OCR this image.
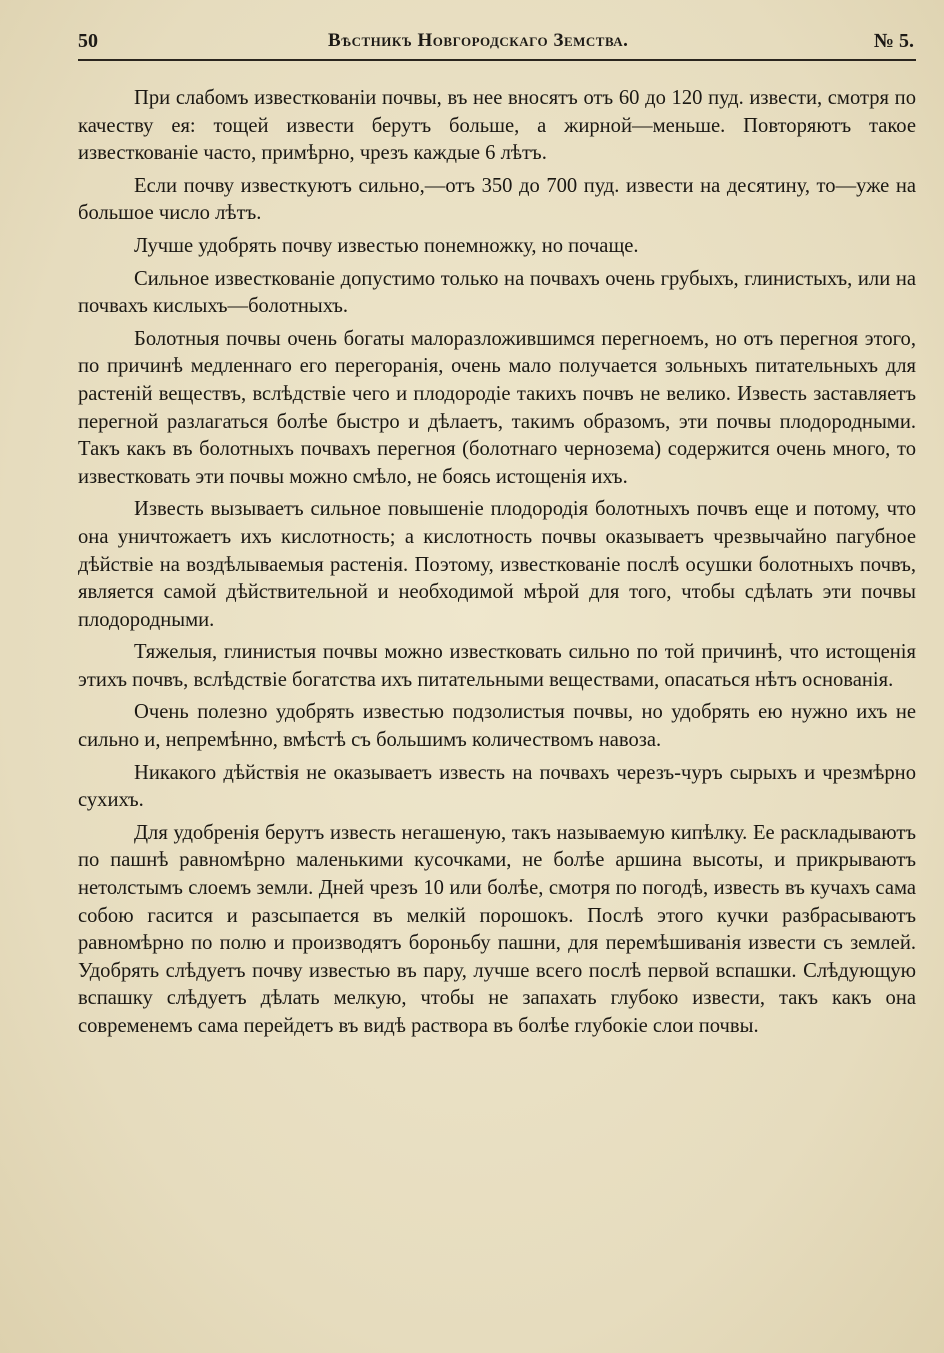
50	Вѣстникъ Новгородскаго Земства.	№ 5.

При слабомъ известкованіи почвы, въ нее вносятъ отъ 60 до 120 пуд. извести, смотря по качеству ея: тощей извести берутъ больше, а жирной—меньше. Повторяютъ такое известкованіе часто, примѣрно, чрезъ каждые 6 лѣтъ.

Если почву известкуютъ сильно,—отъ 350 до 700 пуд. извести на десятину, то—уже на большое число лѣтъ.

Лучше удобрять почву известью понемножку, но почаще.

Сильное известкованіе допустимо только на почвахъ очень грубыхъ, глинистыхъ, или на почвахъ кислыхъ—болотныхъ.

Болотныя почвы очень богаты малоразложившимся перегноемъ, но отъ перегноя этого, по причинѣ медленнаго его перегоранія, очень мало получается зольныхъ питательныхъ для растеній веществъ, вслѣдствіе чего и плодородіе такихъ почвъ не велико. Известь заставляетъ перегной разлагаться болѣе быстро и дѣлаетъ, такимъ образомъ, эти почвы плодородными. Такъ какъ въ болотныхъ почвахъ перегноя (болотнаго чернозема) содержится очень много, то известковать эти почвы можно смѣло, не боясь истощенія ихъ.

Известь вызываетъ сильное повышеніе плодородія болотныхъ почвъ еще и потому, что она уничтожаетъ ихъ кислотность; а кислотность почвы оказываетъ чрезвычайно пагубное дѣйствіе на воздѣлываемыя растенія. Поэтому, известкованіе послѣ осушки болотныхъ почвъ, является самой дѣйствительной и необходимой мѣрой для того, чтобы сдѣлать эти почвы плодородными.

Тяжелыя, глинистыя почвы можно известковать сильно по той причинѣ, что истощенія этихъ почвъ, вслѣдствіе богатства ихъ питательными веществами, опасаться нѣтъ основанія.

Очень полезно удобрять известью подзолистыя почвы, но удобрять ею нужно ихъ не сильно и, непремѣнно, вмѣстѣ съ большимъ количествомъ навоза.

Никакого дѣйствія не оказываетъ известь на почвахъ черезъ-чуръ сырыхъ и чрезмѣрно сухихъ.

Для удобренія берутъ известь негашеную, такъ называемую кипѣлку. Ее раскладываютъ по пашнѣ равномѣрно маленькими кусочками, не болѣе аршина высоты, и прикрываютъ нетолстымъ слоемъ земли. Дней чрезъ 10 или болѣе, смотря по погодѣ, известь въ кучахъ сама собою гасится и разсыпается въ мелкій порошокъ. Послѣ этого кучки разбрасываютъ равномѣрно по полю и производятъ бороньбу пашни, для перемѣшиванія извести съ землей. Удобрять слѣдуетъ почву известью въ пару, лучше всего послѣ первой вспашки. Слѣдующую вспашку слѣдуетъ дѣлать мелкую, чтобы не запахать глубоко извести, такъ какъ она современемъ сама перейдетъ въ видѣ раствора въ болѣе глубокіе слои почвы.
